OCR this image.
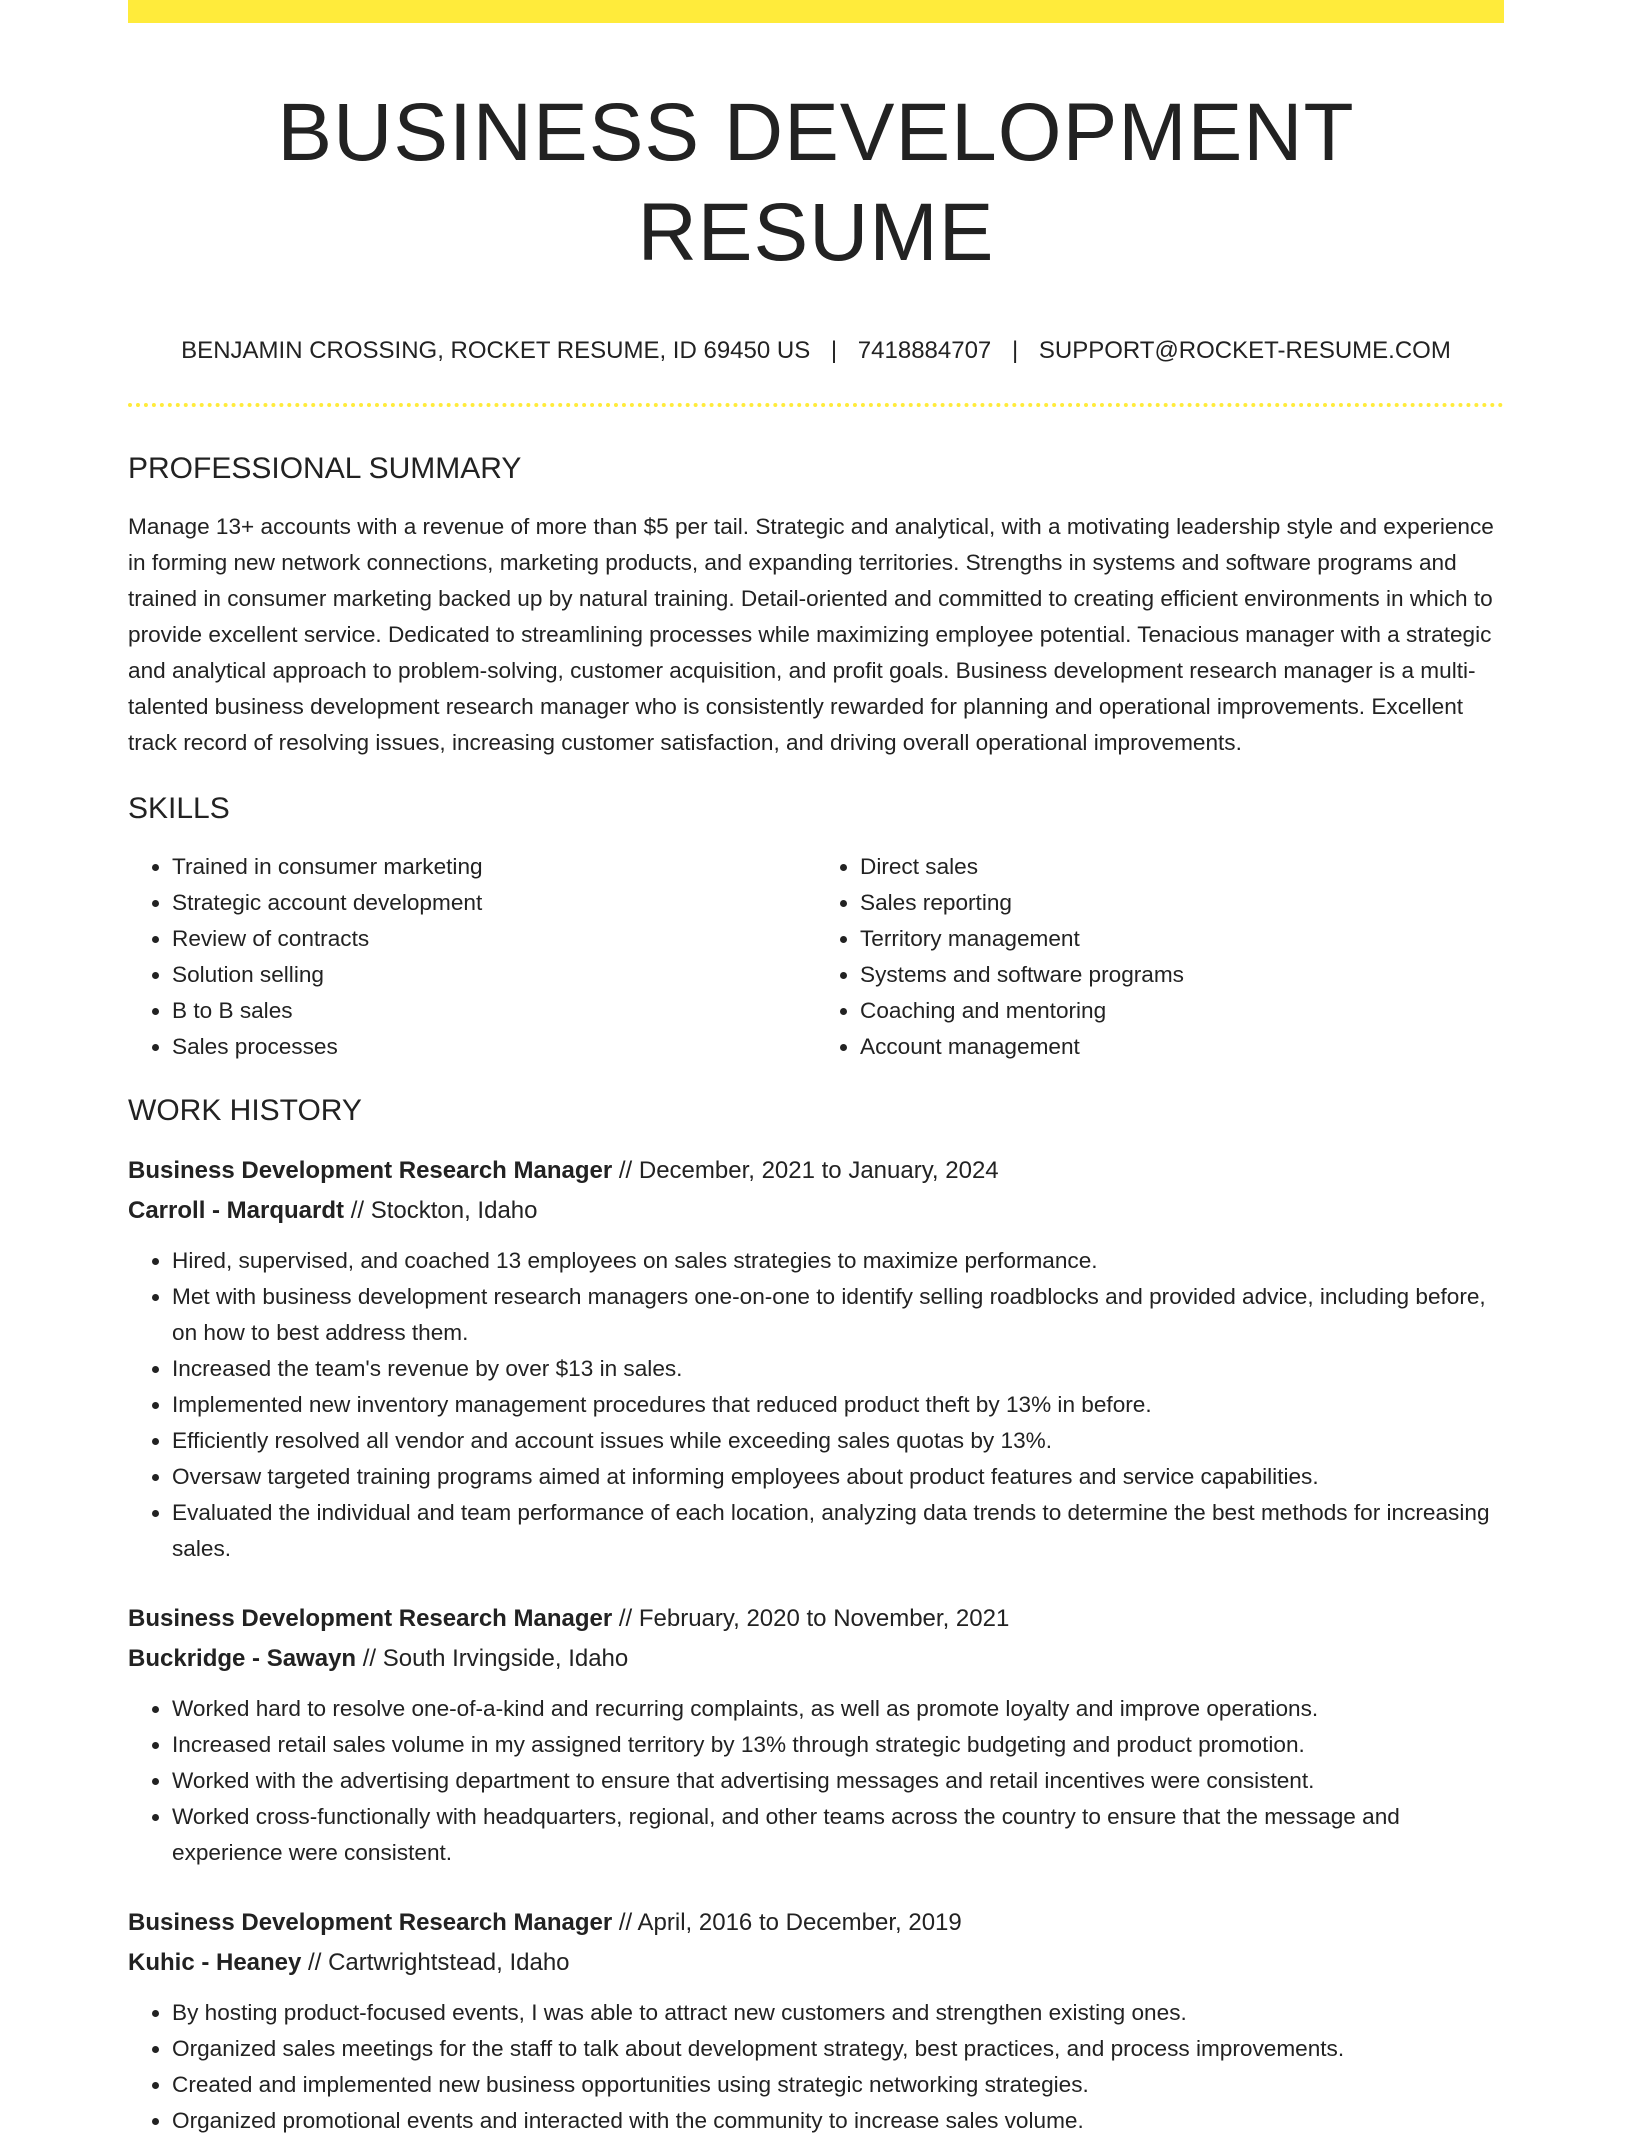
BUSINESS DEVELOPMENT RESUME
BENJAMIN CROSSING, ROCKET RESUME, ID 69450 US | 7418884707 | SUPPORT@ROCKET-RESUME.COM
PROFESSIONAL SUMMARY

Manage 13+ accounts with a revenue of more than $5 per tail. Strategic and analytical, with a motivating leadership style and experience in forming new network connections, marketing products, and expanding territories. Strengths in systems and software programs and trained in consumer marketing backed up by natural training. Detail-oriented and committed to creating efficient environments in which to provide excellent service. Dedicated to streamlining processes while maximizing employee potential. Tenacious manager with a strategic and analytical approach to problem-solving, customer acquisition, and profit goals. Business development research manager is a multi-talented business development research manager who is consistently rewarded for planning and operational improvements. Excellent track record of resolving issues, increasing customer satisfaction, and driving overall operational improvements.

SKILLS
• Trained in consumer marketing
• Strategic account development
• Review of contracts
• Solution selling
• B to B sales
• Sales processes
• Direct sales
• Sales reporting
• Territory management
• Systems and software programs
• Coaching and mentoring
• Account management
WORK HISTORY

Business Development Research Manager // December, 2021 to January, 2024

Carroll - Marquardt // Stockton, Idaho

• Hired, supervised, and coached 13 employees on sales strategies to maximize performance.
• Met with business development research managers one-on-one to identify selling roadblocks and provided advice, including before, on how to best address them.
• Increased the team's revenue by over $13 in sales.
• Implemented new inventory management procedures that reduced product theft by 13% in before.
• Efficiently resolved all vendor and account issues while exceeding sales quotas by 13%.
• Oversaw targeted training programs aimed at informing employees about product features and service capabilities.
• Evaluated the individual and team performance of each location, analyzing data trends to determine the best methods for increasing sales.

Business Development Research Manager // February, 2020 to November, 2021

Buckridge - Sawayn // South Irvingside, Idaho

• Worked hard to resolve one-of-a-kind and recurring complaints, as well as promote loyalty and improve operations.
• Increased retail sales volume in my assigned territory by 13% through strategic budgeting and product promotion.
• Worked with the advertising department to ensure that advertising messages and retail incentives were consistent.
• Worked cross-functionally with headquarters, regional, and other teams across the country to ensure that the message and experience were consistent.

Business Development Research Manager // April, 2016 to December, 2019

Kuhic - Heaney // Cartwrightstead, Idaho

• By hosting product-focused events, I was able to attract new customers and strengthen existing ones.
• Organized sales meetings for the staff to talk about development strategy, best practices, and process improvements.
• Created and implemented new business opportunities using strategic networking strategies.
• Organized promotional events and interacted with the community to increase sales volume.
